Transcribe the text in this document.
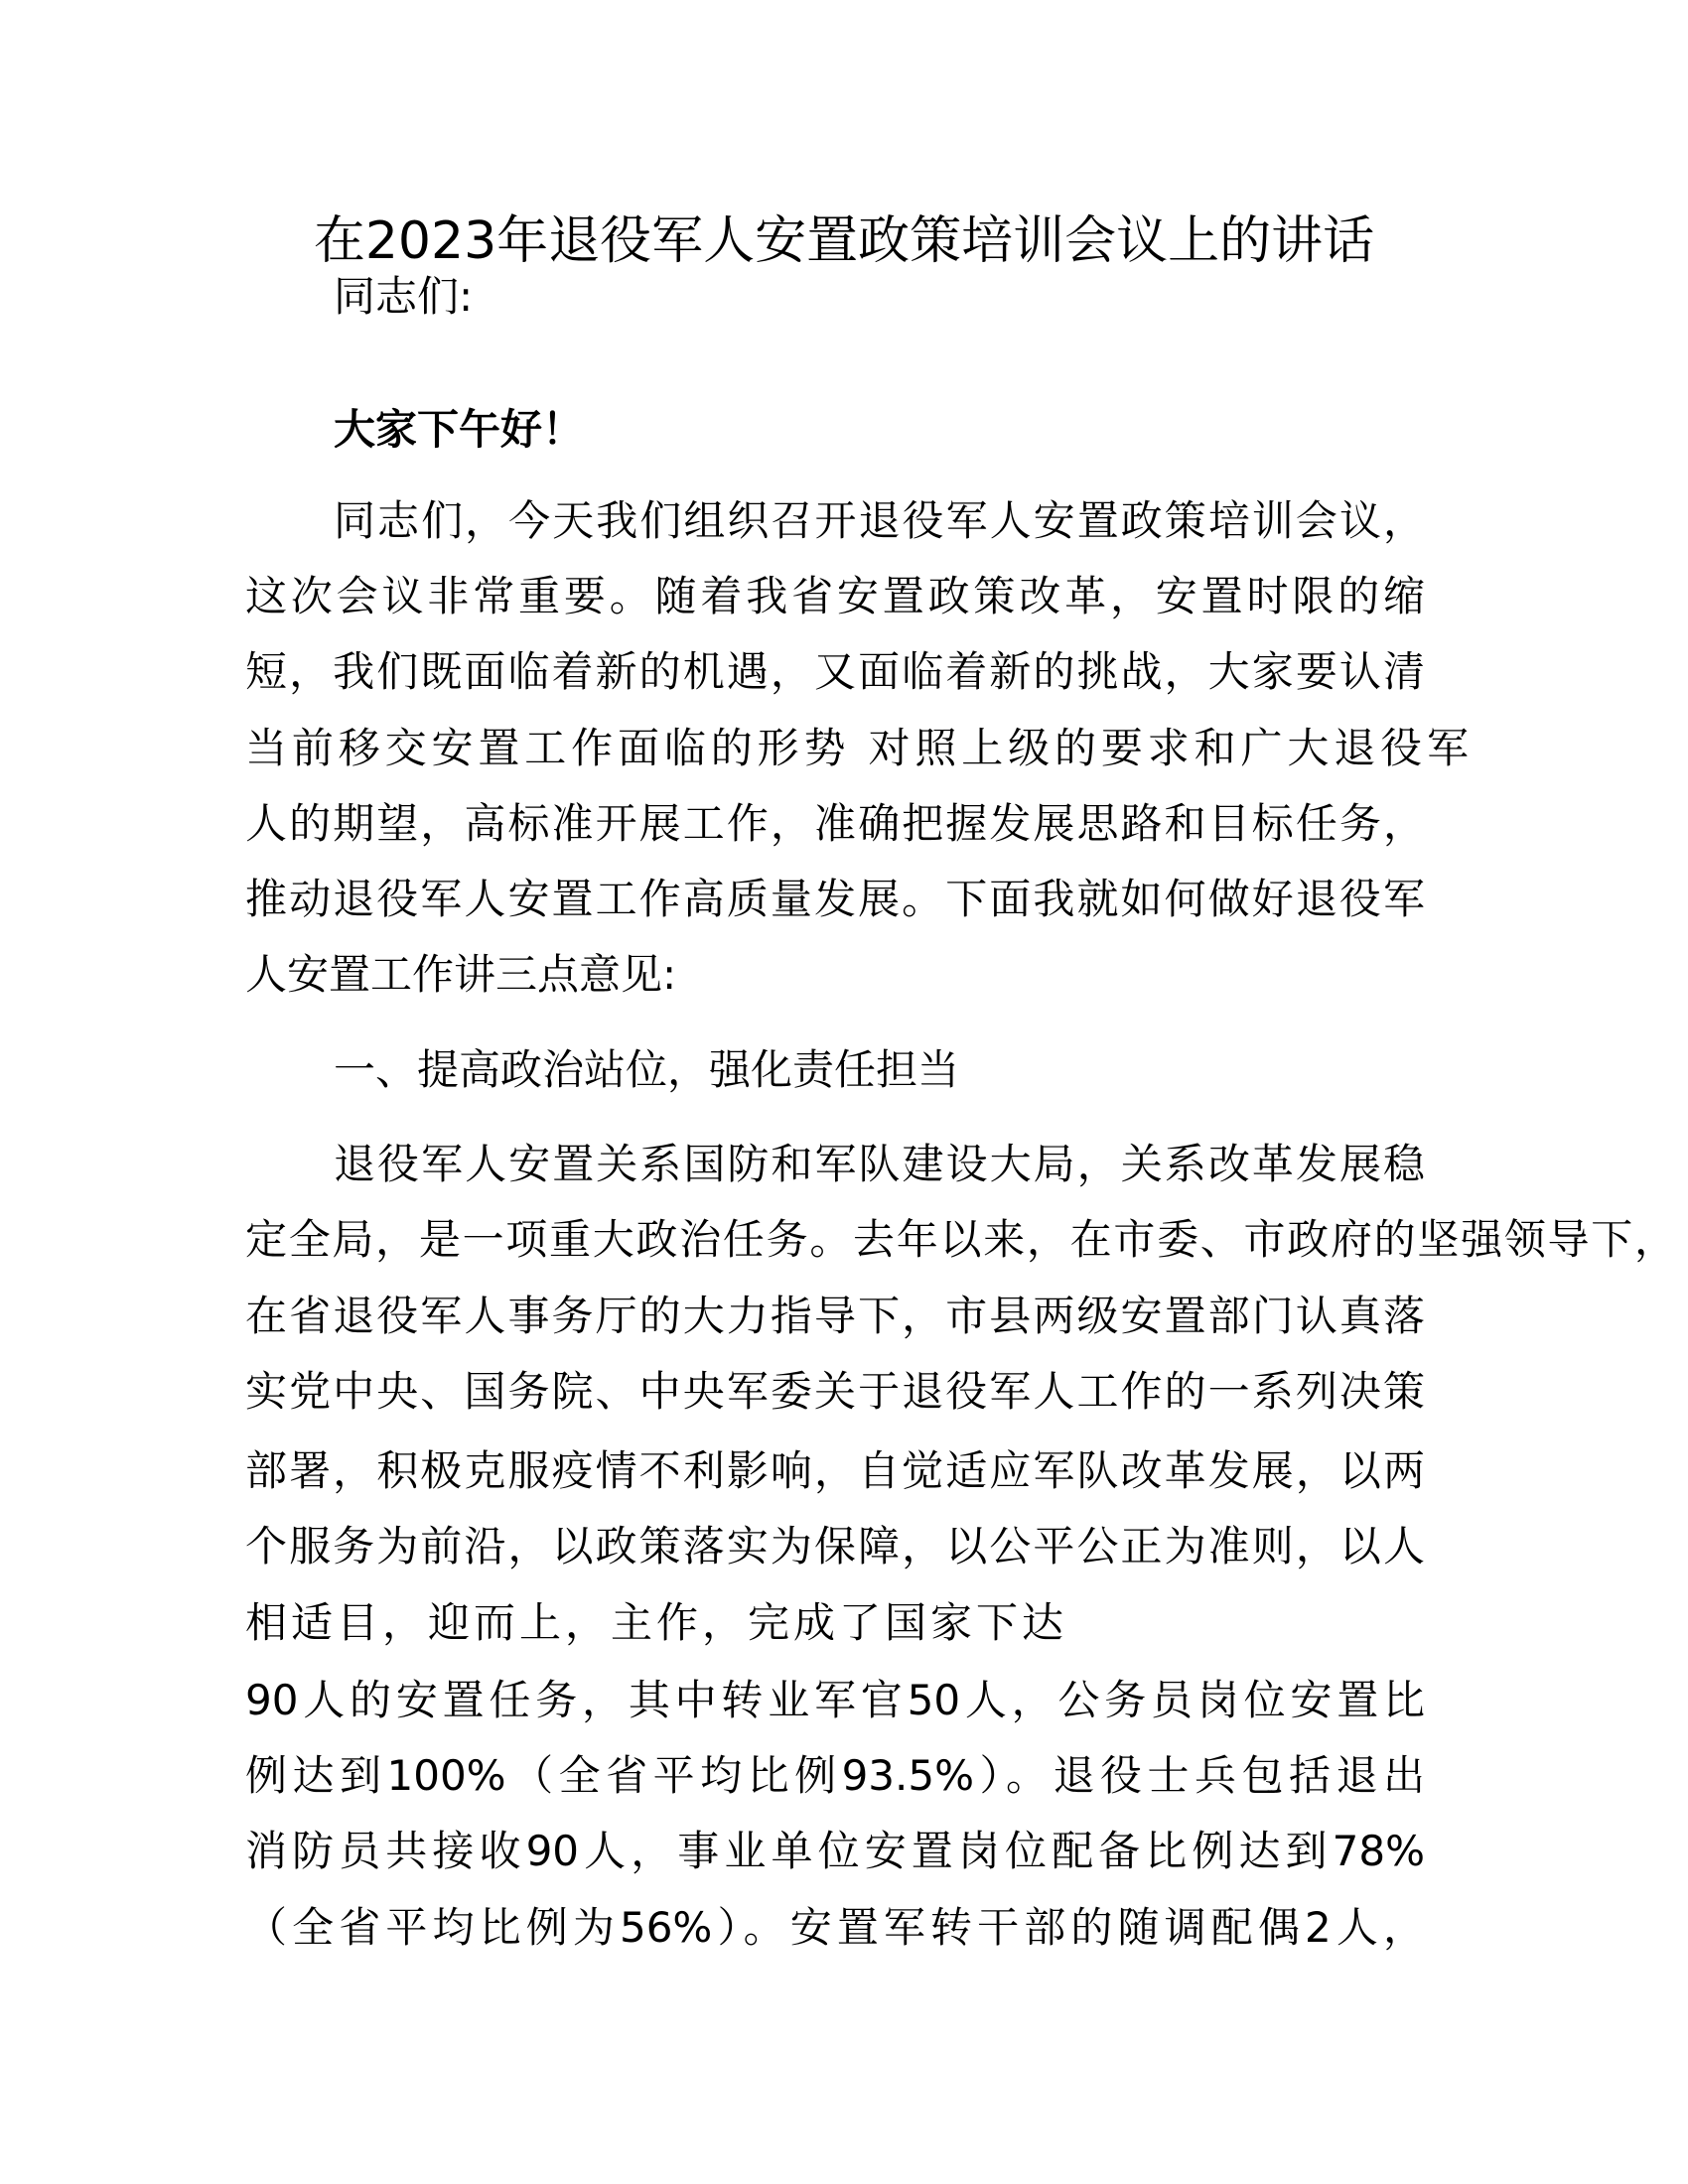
在2023年退役军人安置政策培训会议上的讲话
同志们:
大家下午好！
同志们，今天我们组织召开退役军人安置政策培训会议，
这次会议非常重要。随着我省安置政策改革，安置时限的缩
短，我们既面临着新的机遇，又面临着新的挑战，大家要认清
当前移交安置工作面临的形势 对照上级的要求和广大退役军
人的期望，高标准开展工作，准确把握发展思路和目标任务，
推动退役军人安置工作高质量发展。下面我就如何做好退役军
人安置工作讲三点意见:
一、提高政治站位，强化责任担当
退役军人安置关系国防和军队建设大局，关系改革发展稳
定全局，是一项重大政治任务。去年以来，在市委、市政府的坚强领导下，
在省退役军人事务厅的大力指导下，市县两级安置部门认真落
实党中央、国务院、中央军委关于退役军人工作的一系列决策
部署，积极克服疫情不利影响，自觉适应军队改革发展，以两
个服务为前沿，以政策落实为保障，以公平公正为准则，以人
相适目，迎而上，主作，完成了国家下达
90人的安置任务，其中转业军官50人，公务员岗位安置比
例达到100%（全省平均比例93.5%）。退役士兵包括退出
消防员共接收90人，事业单位安置岗位配备比例达到78%
（全省平均比例为56%）。安置军转干部的随调配偶2人，
